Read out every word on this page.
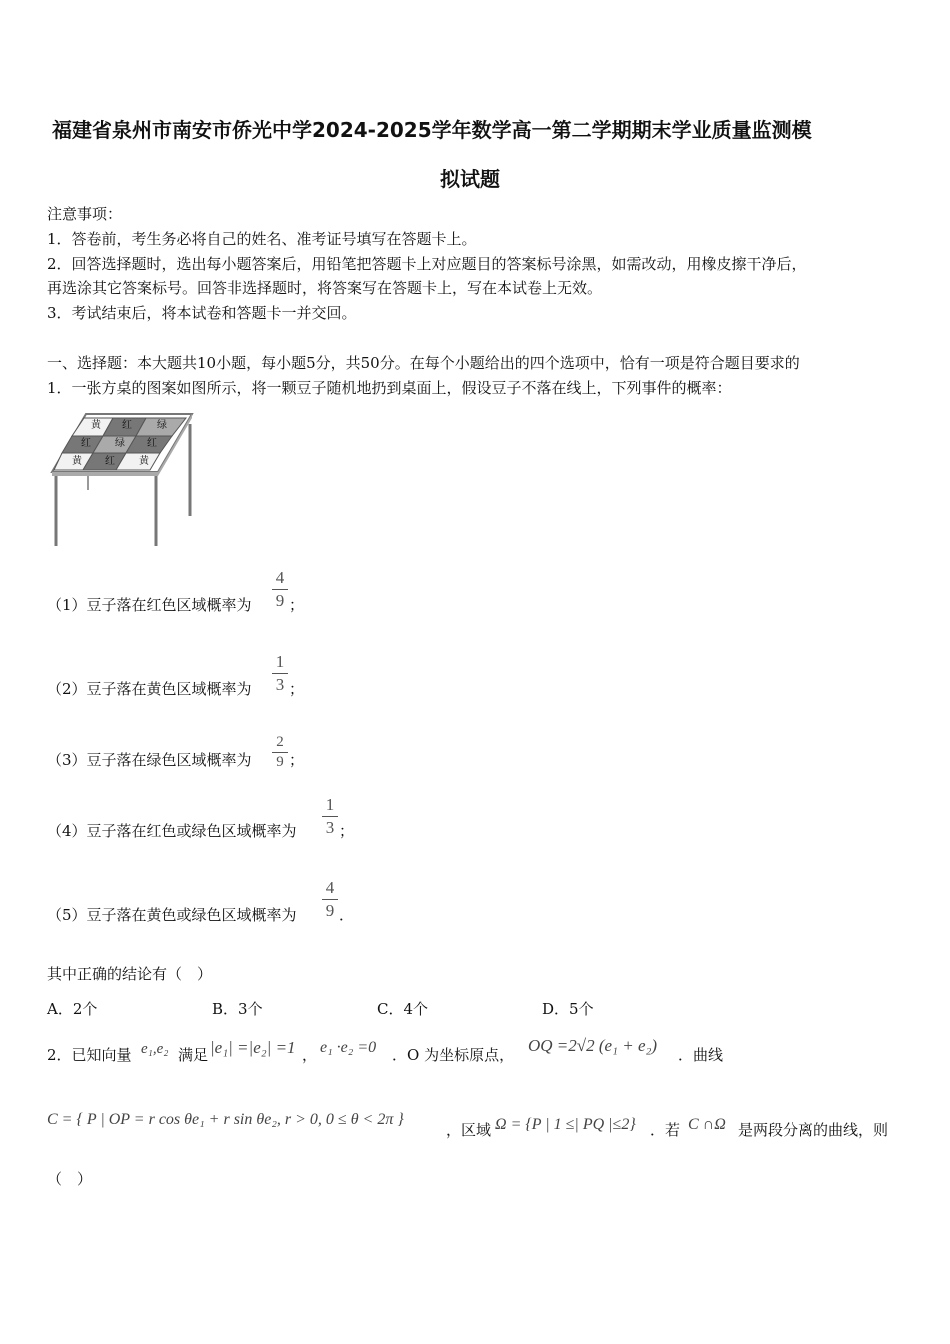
福建省泉州市南安市侨光中学2024-2025学年数学高一第二学期期末学业质量监测模
拟试题
注意事项：
1．答卷前，考生务必将自己的姓名、准考证号填写在答题卡上。
2．回答选择题时，选出每小题答案后，用铅笔把答题卡上对应题目的答案标号涂黑，如需改动，用橡皮擦干净后，
再选涂其它答案标号。回答非选择题时，将答案写在答题卡上，写在本试卷上无效。
3．考试结束后，将本试卷和答题卡一并交回。
一、选择题：本大题共10小题，每小题5分，共50分。在每个小题给出的四个选项中，恰有一项是符合题目要求的
1．一张方桌的图案如图所示，将一颗豆子随机地扔到桌面上，假设豆子不落在线上，下列事件的概率：
黄	红	绿
红	绿	红
黄	红	黄
（1）豆子落在红色区域概率为
4
9 ；
（2）豆子落在黄色区域概率为
1
3 ；
（3）豆子落在绿色区域概率为
2
9 ；
（4）豆子落在红色或绿色区域概率为
1
3 ；
（5）豆子落在黄色或绿色区域概率为
4
9 ．
其中正确的结论有（　）
A．2个	B．3个	C．4个	D．5个
2．已知向量 e₁,e₂ 满足 |e₁| =|e₂| =1 ， e₁ ·e₂ =0 ．O 为坐标原点， OQ =2√2 (e₁ + e₂) ．曲线
C = { P | OP = r cos θe₁ + r sin θe₂, r > 0, 0 ≤ θ < 2π }
，区域 Ω = {P | 1 ≤| PQ |≤2} ．若 C ∩Ω 是两段分离的曲线，则
（　）
